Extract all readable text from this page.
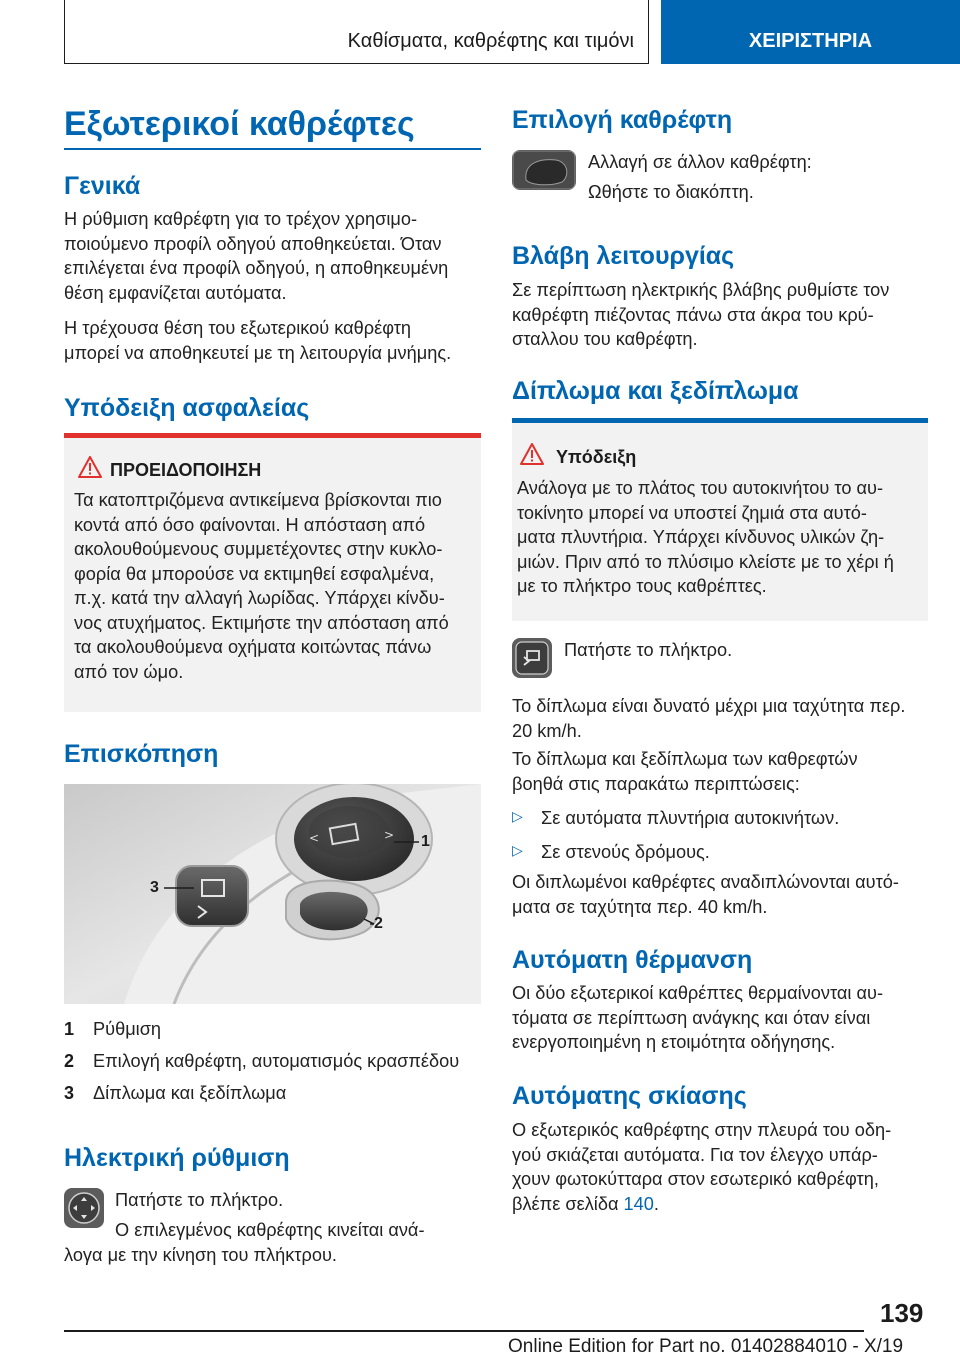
Καθίσματα, καθρέφτης και τιμόνι	ΧΕΙΡΙΣΤΗΡΙΑ
Εξωτερικοί καθρέφτες
Γενικά

Η ρύθμιση καθρέφτη για το τρέχον χρησιμο-

ποιούμενο προφίλ οδηγού αποθηκεύεται. Όταν

επιλέγεται ένα προφίλ οδηγού, η αποθηκευμένη

θέση εμφανίζεται αυτόματα.

Η τρέχουσα θέση του εξωτερικού καθρέφτη

μπορεί να αποθηκευτεί με τη λειτουργία μνήμης.

Υπόδειξη ασφαλείας
ΠΡΟΕΙΔΟΠΟΙΗΣΗ

Τα κατοπτριζόμενα αντικείμενα βρίσκονται πιο

κοντά από όσο φαίνονται. Η απόσταση από

ακολουθούμενους συμμετέχοντες στην κυκλο-

φορία θα μπορούσε να εκτιμηθεί εσφαλμένα,

π.χ. κατά την αλλαγή λωρίδας. Υπάρχει κίνδυ-

νος ατυχήματος. Εκτιμήστε την απόσταση από

τα ακολουθούμενα οχήματα κοιτώντας πάνω

από τον ώμο.

Επισκόπηση
<	> 1
2
3
1 Ρύθμιση
2 Επιλογή καθρέφτη, αυτοματισμός κρασπέδου
3 Δίπλωμα και ξεδίπλωμα
Ηλεκτρική ρύθμιση
Πατήστε το πλήκτρο.
Ο επιλεγμένος καθρέφτης κινείται ανά-
λογα με την κίνηση του πλήκτρου.
Επιλογή καθρέφτη
Αλλαγή σε άλλον καθρέφτη:
Ωθήστε το διακόπτη.
Βλάβη λειτουργίας

Σε περίπτωση ηλεκτρικής βλάβης ρυθμίστε τον

καθρέφτη πιέζοντας πάνω στα άκρα του κρύ-

σταλλου του καθρέφτη.

Δίπλωμα και ξεδίπλωμα
Υπόδειξη

Ανάλογα με το πλάτος του αυτοκινήτου το αυ-

τοκίνητο μπορεί να υποστεί ζημιά στα αυτό-

ματα πλυντήρια. Υπάρχει κίνδυνος υλικών ζη-

μιών. Πριν από το πλύσιμο κλείστε με το χέρι ή

με το πλήκτρο τους καθρέπτες.

Πατήστε το πλήκτρο.

Το δίπλωμα είναι δυνατό μέχρι μια ταχύτητα περ.

20 km/h.

Το δίπλωμα και ξεδίπλωμα των καθρεφτών

βοηθά στις παρακάτω περιπτώσεις:

▷ Σε αυτόματα πλυντήρια αυτοκινήτων.
▷ Σε στενούς δρόμους.

Οι διπλωμένοι καθρέφτες αναδιπλώνονται αυτό-

ματα σε ταχύτητα περ. 40 km/h.

Αυτόματη θέρμανση

Οι δύο εξωτερικοί καθρέπτες θερμαίνονται αυ-

τόματα σε περίπτωση ανάγκης και όταν είναι

ενεργοποιημένη η ετοιμότητα οδήγησης.

Αυτόματης σκίασης

Ο εξωτερικός καθρέφτης στην πλευρά του οδη-

γού σκιάζεται αυτόματα. Για τον έλεγχο υπάρ-

χουν φωτοκύτταρα στον εσωτερικό καθρέφτη,

βλέπε σελίδα 140.

139
Online Edition for Part no. 01402884010 - X/19
